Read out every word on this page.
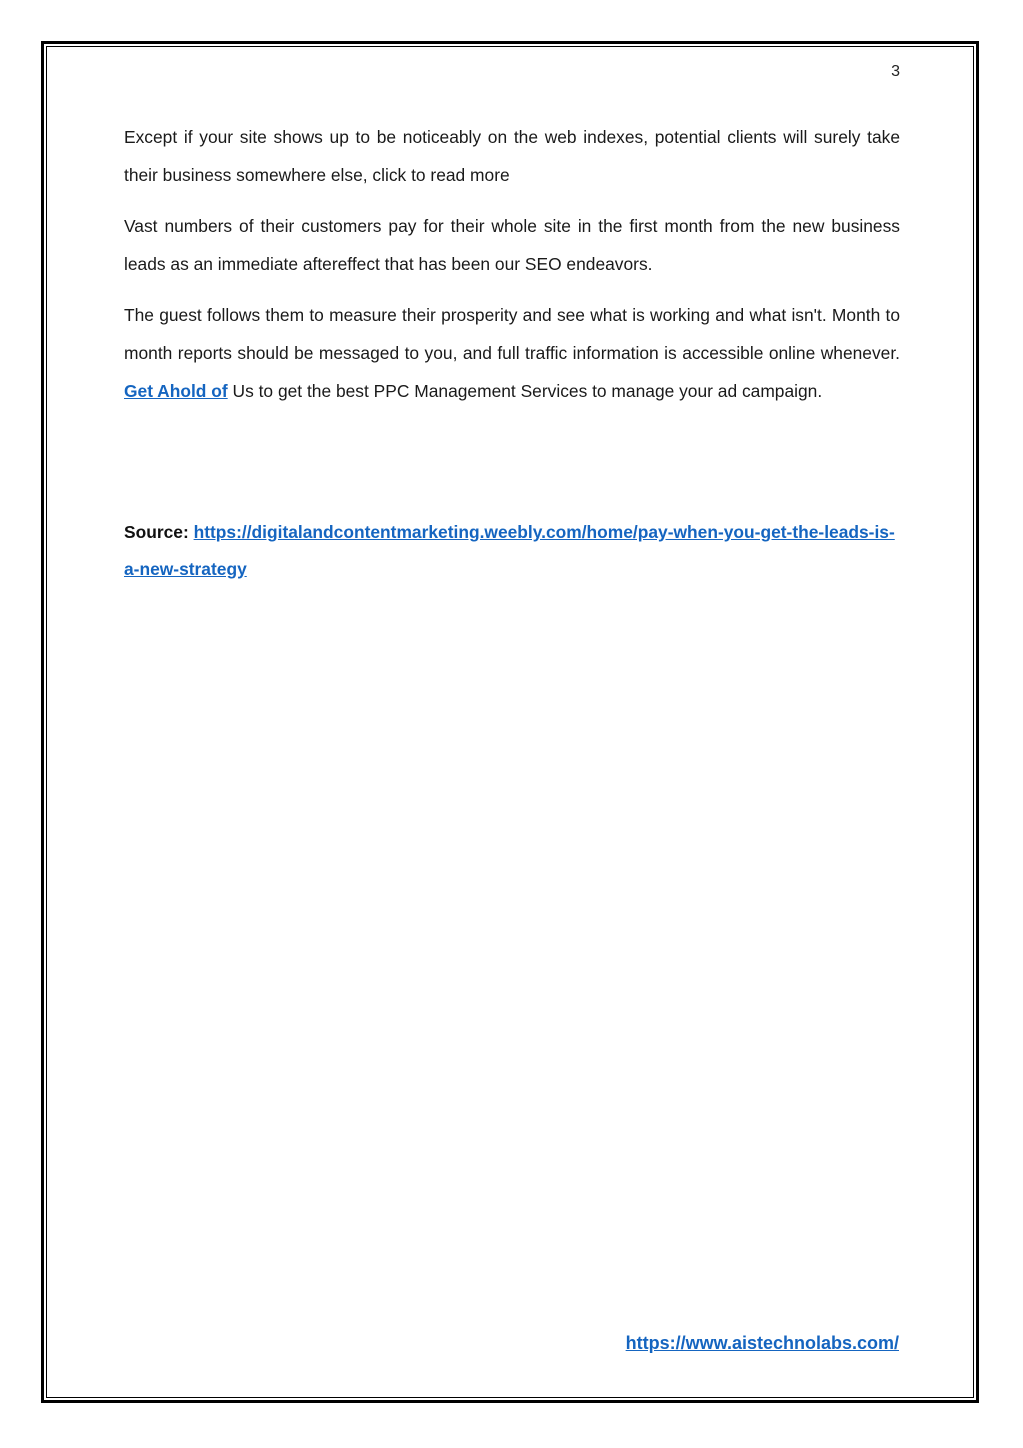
3

Except if your site shows up to be noticeably on the web indexes, potential clients will surely take their business somewhere else, click to read more

Vast numbers of their customers pay for their whole site in the first month from the new business leads as an immediate aftereffect that has been our SEO endeavors.

The guest follows them to measure their prosperity and see what is working and what isn't. Month to month reports should be messaged to you, and full traffic information is accessible online whenever. Get Ahold of Us to get the best PPC Management Services to manage your ad campaign.

Source: https://digitalandcontentmarketing.weebly.com/home/pay-when-you-get-the-leads-is-a-new-strategy
https://www.aistechnolabs.com/
